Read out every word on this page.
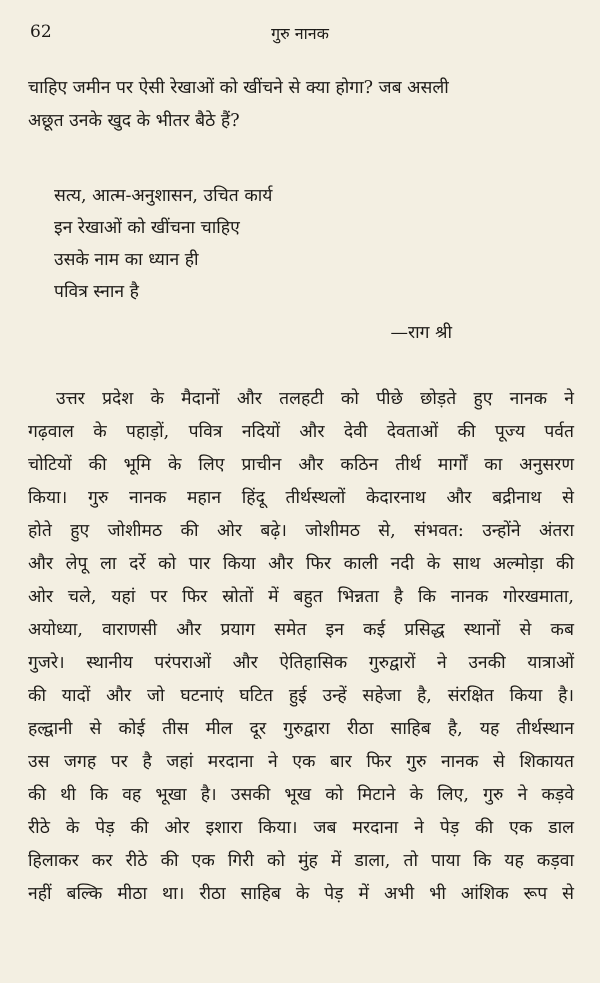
62	गुरु नानक
चाहिए जमीन पर ऐसी रेखाओं को खींचने से क्या होगा? जब असली
अछूत उनके खुद के भीतर बैठे हैं?
सत्य, आत्म-अनुशासन, उचित कार्य
इन रेखाओं को खींचना चाहिए
उसके नाम का ध्यान ही
पवित्र स्नान है
—राग श्री
उत्तर प्रदेश के मैदानों और तलहटी को पीछे छोड़ते हुए नानक ने
गढ़वाल के पहाड़ों, पवित्र नदियों और देवी देवताओं की पूज्य पर्वत
चोटियों की भूमि के लिए प्राचीन और कठिन तीर्थ मार्गों का अनुसरण
किया। गुरु नानक महान हिंदू तीर्थस्थलों केदारनाथ और बद्रीनाथ से
होते हुए जोशीमठ की ओर बढ़े। जोशीमठ से, संभवत: उन्होंने अंतरा
और लेपू ला दर्रे को पार किया और फिर काली नदी के साथ अल्मोड़ा की
ओर चले, यहां पर फिर स्रोतों में बहुत भिन्नता है कि नानक गोरखमाता,
अयोध्या, वाराणसी और प्रयाग समेत इन कई प्रसिद्ध स्थानों से कब
गुजरे। स्थानीय परंपराओं और ऐतिहासिक गुरुद्वारों ने उनकी यात्राओं
की यादों और जो घटनाएं घटित हुई उन्हें सहेजा है, संरक्षित किया है।
हल्द्वानी से कोई तीस मील दूर गुरुद्वारा रीठा साहिब है, यह तीर्थस्थान
उस जगह पर है जहां मरदाना ने एक बार फिर गुरु नानक से शिकायत
की थी कि वह भूखा है। उसकी भूख को मिटाने के लिए, गुरु ने कड़वे
रीठे के पेड़ की ओर इशारा किया। जब मरदाना ने पेड़ की एक डाल
हिलाकर कर रीठे की एक गिरी को मुंह में डाला, तो पाया कि यह कड़वा
नहीं बल्कि मीठा था। रीठा साहिब के पेड़ में अभी भी आंशिक रूप से
